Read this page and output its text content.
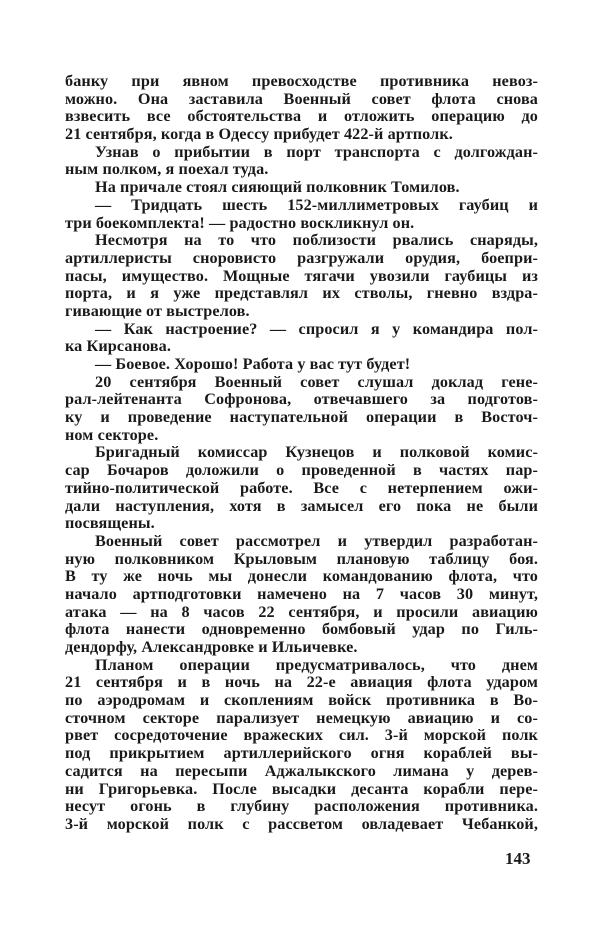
банку при явном превосходстве противника невоз-
можно. Она заставила Военный совет флота снова
взвесить все обстоятельства и отложить операцию до
21 сентября, когда в Одессу прибудет 422-й артполк.
Узнав о прибытии в порт транспорта с долгождан-
ным полком, я поехал туда.
На причале стоял сияющий полковник Томилов.
— Тридцать шесть 152-миллиметровых гаубиц и
три боекомплекта! — радостно воскликнул он.
Несмотря на то что поблизости рвались снаряды,
артиллеристы сноровисто разгружали орудия, боепри-
пасы, имущество. Мощные тягачи увозили гаубицы из
порта, и я уже представлял их стволы, гневно вздра-
гивающие от выстрелов.
— Как настроение? — спросил я у командира пол-
ка Кирсанова.
— Боевое. Хорошо! Работа у вас тут будет!
20 сентября Военный совет слушал доклад гене-
рал-лейтенанта Софронова, отвечавшего за подготов-
ку и проведение наступательной операции в Восточ-
ном секторе.
Бригадный комиссар Кузнецов и полковой комис-
сар Бочаров доложили о проведенной в частях пар-
тийно-политической работе. Все с нетерпением ожи-
дали наступления, хотя в замысел его пока не были
посвящены.
Военный совет рассмотрел и утвердил разработан-
ную полковником Крыловым плановую таблицу боя.
В ту же ночь мы донесли командованию флота, что
начало артподготовки намечено на 7 часов 30 минут,
атака — на 8 часов 22 сентября, и просили авиацию
флота нанести одновременно бомбовый удар по Гиль-
дендорфу, Александровке и Ильичевке.
Планом операции предусматривалось, что днем
21 сентября и в ночь на 22-е авиация флота ударом
по аэродромам и скоплениям войск противника в Во-
сточном секторе парализует немецкую авиацию и со-
рвет сосредоточение вражеских сил. 3-й морской полк
под прикрытием артиллерийского огня кораблей вы-
садится на пересыпи Аджалыкского лимана у дерев-
ни Григорьевка. После высадки десанта корабли пере-
несут огонь в глубину расположения противника.
3-й морской полк с рассветом овладевает Чебанкой,
143
